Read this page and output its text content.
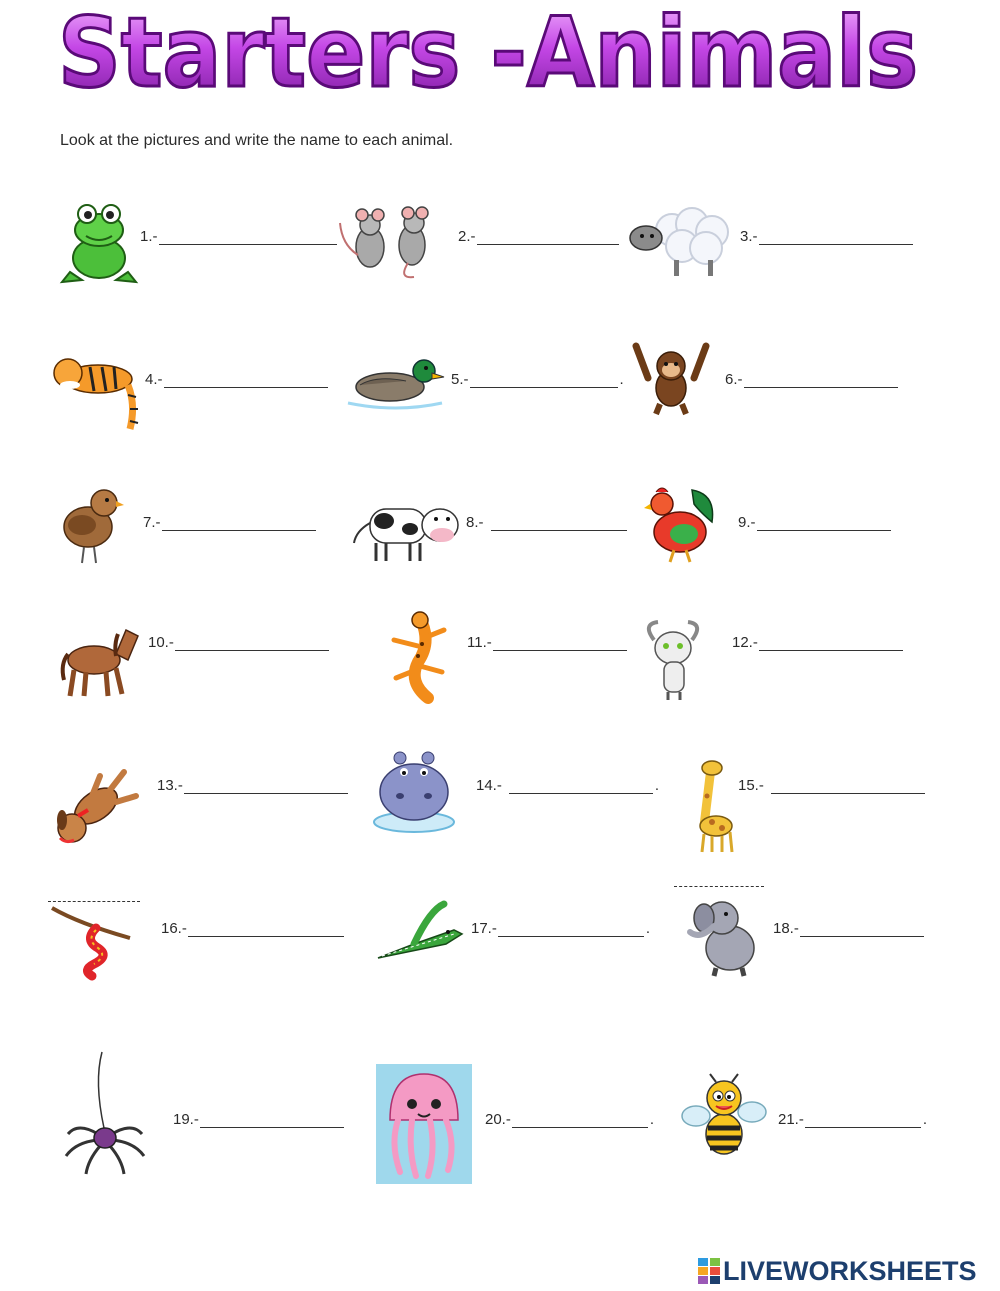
Starters -Animals
Look at the pictures and write the name to each animal.
1.-	2.-	3.-
4.-	5.-	.	6.-
7.-	8.-	9.-
10.-	11.-	12.-
13.-	14.-	.	15.-
16.-	17.-	.	18.-
19.-	20.-	.	21.-	.
LIVEWORKSHEETS
